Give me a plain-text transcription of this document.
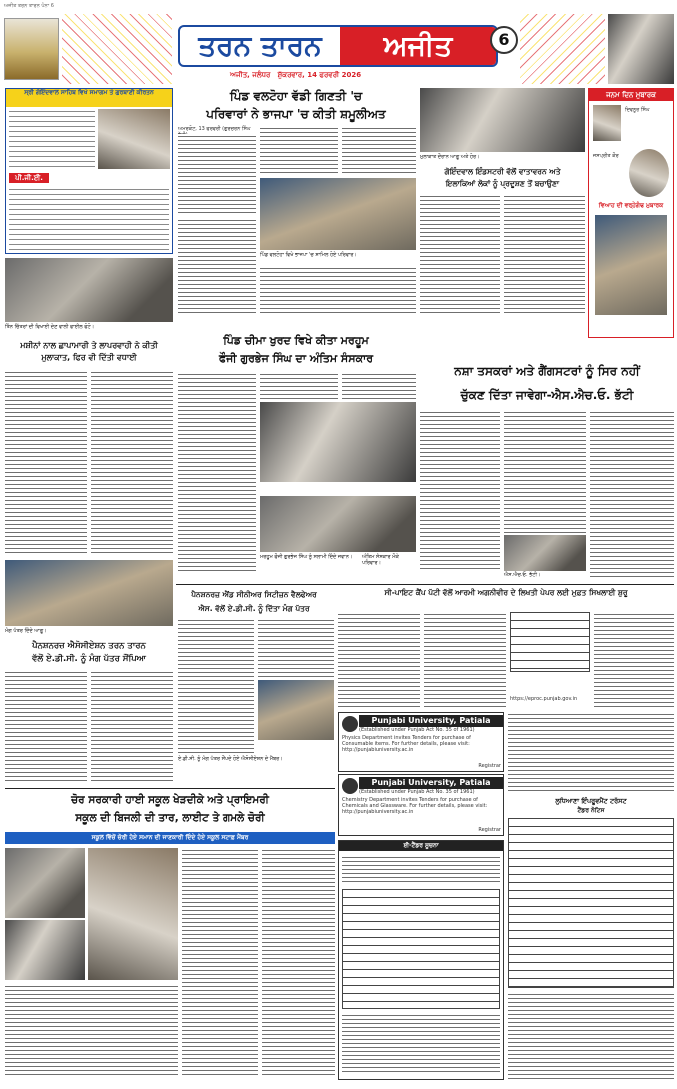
ਅਜੀਤ ਤਰਨ ਤਾਰਨ ਪੰਨਾ 6
ਤਰਨ ਤਾਰਨ	ਅਜੀਤ	6
ਅਜੀਤ, ਜਲੰਧਰ ਸ਼ੁੱਕਰਵਾਰ, 14 ਫਰਵਰੀ 2026
ਸ੍ਰੀ ਗੋਇੰਦਵਾਲ ਸਾਹਿਬ ਵਿਖੇ ਸਮਾਗਮ ਤੇ ਗੁਰਬਾਣੀ ਕੀਰਤਨ
ਪੀ.ਜੀ.ਈ.
ਤਿੰਨ ਚਿੱਤਰਾਂ ਦੀ ਵਿਖਾਈ ਦੇਣ ਵਾਲੀ ਫਾਈਲ ਫੋਟੋ।
ਮਸ਼ੀਨਾਂ ਨਾਲ ਛਾਪਾਮਾਰੀ ਤੇ ਲਾਪਰਵਾਹੀ ਨੇ ਕੀਤੀ ਮੁਲਾਕਾਤ, ਫਿਰ ਵੀ ਦਿੱਤੀ ਵਧਾਈ
ਮੰਗ ਪੱਤਰ ਦਿੰਦੇ ਆਗੂ।
ਪੈਨਸ਼ਨਰਜ਼ ਐਸੋਸੀਏਸ਼ਨ ਤਰਨ ਤਾਰਨ
ਵੱਲੋਂ ਏ.ਡੀ.ਸੀ. ਨੂੰ ਮੰਗ ਪੱਤਰ ਸੌਂਪਿਆ
ਪਿੰਡ ਵਲਟੋਹਾ ਵੱਡੀ ਗਿਣਤੀ 'ਚ
ਪਰਿਵਾਰਾਂ ਨੇ ਭਾਜਪਾ 'ਚ ਕੀਤੀ ਸ਼ਮੂਲੀਅਤ
ਅਮਰਕੋਟ, 13 ਫਰਵਰੀ (ਗੁਰਚਰਨ ਸਿੰਘ
ਪਿੰਡ ਵਲਟੋਹਾ ਵਿਖੇ ਭਾਜਪਾ 'ਚ ਸ਼ਾਮਿਲ ਹੋਏ ਪਰਿਵਾਰ।
ਮੁਲਾਕਾਤ ਦੌਰਾਨ ਆਗੂ ਅਤੇ ਹੋਰ।
ਗੋਇੰਦਵਾਲ ਇੰਡਸਟਰੀ ਵੱਲੋਂ ਵਾਤਾਵਰਨ ਅਤੇ
ਇਲਾਕਿਆਂ ਲੋਕਾਂ ਨੂੰ ਪ੍ਰਦੂਸ਼ਣ ਤੋਂ ਬਚਾਉਣਾ
ਜਨਮ ਦਿਨ ਮੁਬਾਰਕ
ਦਿਵਨੂਰ ਸਿੰਘ
ਜਸਪ੍ਰੀਤ ਕੌਰ
ਵਿਆਹ ਦੀ ਵਰ੍ਹੇਗੰਢ ਮੁਬਾਰਕ
ਪਿੰਡ ਚੀਮਾ ਖੁਰਦ ਵਿਖੇ ਕੀਤਾ ਮਰਹੂਮ
ਫੌਜੀ ਗੁਰਭੇਜ ਸਿੰਘ ਦਾ ਅੰਤਿਮ ਸੰਸਕਾਰ
ਮਰਹੂਮ ਫੌਜੀ ਗੁਰਭੇਜ ਸਿੰਘ ਨੂੰ ਸਲਾਮੀ ਦਿੰਦੇ ਜਵਾਨ।	ਅੰਤਿਮ ਸੰਸਕਾਰ ਮੌਕੇ ਪਰਿਵਾਰ।
ਨਸ਼ਾ ਤਸਕਰਾਂ ਅਤੇ ਗੈਂਗਸਟਰਾਂ ਨੂੰ ਸਿਰ ਨਹੀਂ
ਚੁੱਕਣ ਦਿੱਤਾ ਜਾਵੇਗਾ-ਐਸ.ਐਚ.ਓ. ਭੱਟੀ
ਐਸ.ਐਚ.ਓ. ਭੱਟੀ।
ਪੈਨਸ਼ਨਰਜ਼ ਐਂਡ ਸੀਨੀਅਰ ਸਿਟੀਜ਼ਨ ਵੈਲਫੇਅਰ
ਐਸ. ਵੱਲੋਂ ਏ.ਡੀ.ਸੀ. ਨੂੰ ਦਿੱਤਾ ਮੰਗ ਪੱਤਰ
ਏ.ਡੀ.ਸੀ. ਨੂੰ ਮੰਗ ਪੱਤਰ ਸੌਂਪਦੇ ਹੋਏ ਐਸੋਸੀਏਸ਼ਨ ਦੇ ਮੈਂਬਰ।
ਸੀ-ਪਾਇਟ ਕੈਂਪ ਪੱਟੀ ਵੱਲੋਂ ਆਰਮੀ ਅਗਨੀਵੀਰ ਦੇ ਲਿਖਤੀ ਪੇਪਰ ਲਈ ਮੁਫ਼ਤ ਸਿਖਲਾਈ ਸ਼ੁਰੂ
https://eproc.punjab.gov.in
Punjabi University, Patiala
(Established under Punjab Act No. 35 of 1961)
Physics Department invites Tenders for purchase of Consumable items. For further details, please visit: http://punjabiuniversity.ac.in
Registrar
Punjabi University, Patiala
(Established under Punjab Act No. 35 of 1961)
Chemistry Department invites Tenders for purchase of Chemicals and Glassware. For further details, please visit: http://punjabiuniversity.ac.in
Registrar
ਲੁਧਿਆਣਾ ਇੰਪਰੂਵਮੈਂਟ ਟਰੱਸਟ
ਟੈਂਡਰ ਨੋਟਿਸ
ਚੋਰ ਸਰਕਾਰੀ ਹਾਈ ਸਕੂਲ ਖੇੜਦੀਕੇ ਅਤੇ ਪ੍ਰਾਇਮਰੀ
ਸਕੂਲ ਦੀ ਬਿਜਲੀ ਦੀ ਤਾਰ, ਲਾਈਟ ਤੇ ਗਮਲੇ ਚੋਰੀ
ਸਕੂਲ ਵਿੱਚੋਂ ਚੋਰੀ ਹੋਏ ਸਮਾਨ ਦੀ ਜਾਣਕਾਰੀ ਦਿੰਦੇ ਹੋਏ ਸਕੂਲ ਸਟਾਫ਼ ਮੈਂਬਰ
ਈ-ਟੈਂਡਰ ਸੂਚਨਾ
